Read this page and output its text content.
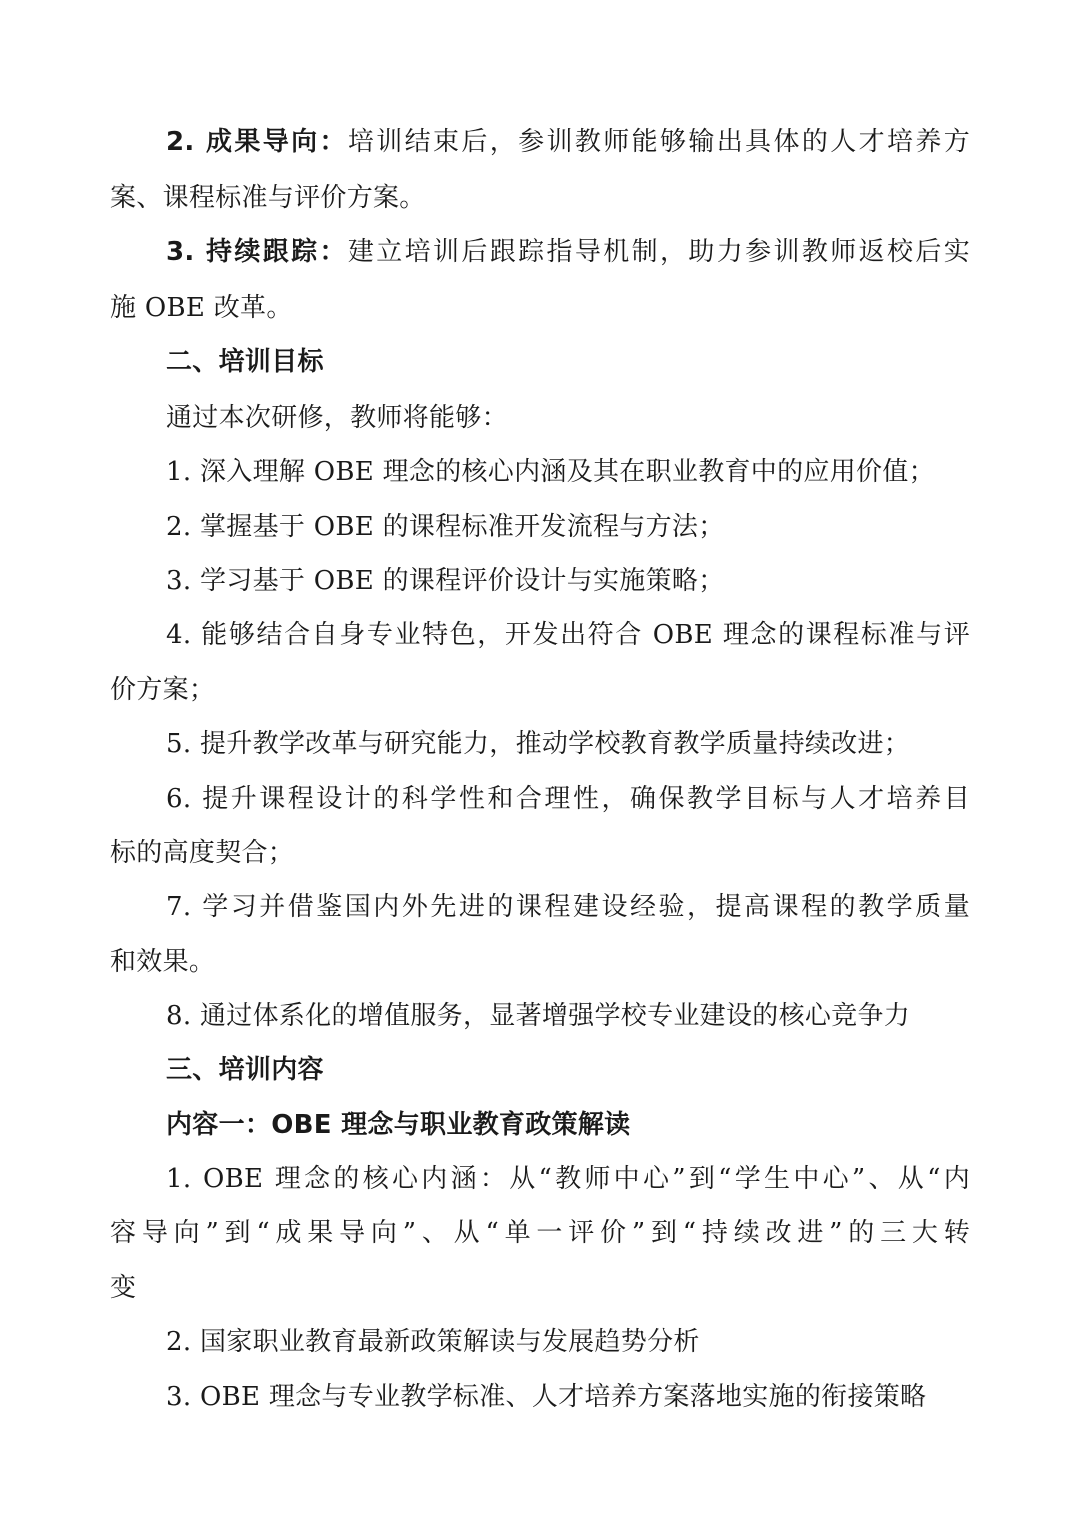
2. 成果导向：培训结束后，参训教师能够输出具体的人才培养方
案、课程标准与评价方案。
3. 持续跟踪：建立培训后跟踪指导机制，助力参训教师返校后实
施 OBE 改革。
二、培训目标
通过本次研修，教师将能够：
1. 深入理解 OBE 理念的核心内涵及其在职业教育中的应用价值；
2. 掌握基于 OBE 的课程标准开发流程与方法；
3. 学习基于 OBE 的课程评价设计与实施策略；
4. 能够结合自身专业特色，开发出符合 OBE 理念的课程标准与评
价方案；
5. 提升教学改革与研究能力，推动学校教育教学质量持续改进；
6. 提升课程设计的科学性和合理性，确保教学目标与人才培养目
标的高度契合；
7. 学习并借鉴国内外先进的课程建设经验，提高课程的教学质量
和效果。
8. 通过体系化的增值服务，显著增强学校专业建设的核心竞争力
三、培训内容
内容一：OBE 理念与职业教育政策解读
1. OBE 理念的核心内涵：从“教师中心”到“学生中心”、从“内
容导向”到“成果导向”、从“单一评价”到“持续改进”的三大转
变
2. 国家职业教育最新政策解读与发展趋势分析
3. OBE 理念与专业教学标准、人才培养方案落地实施的衔接策略
